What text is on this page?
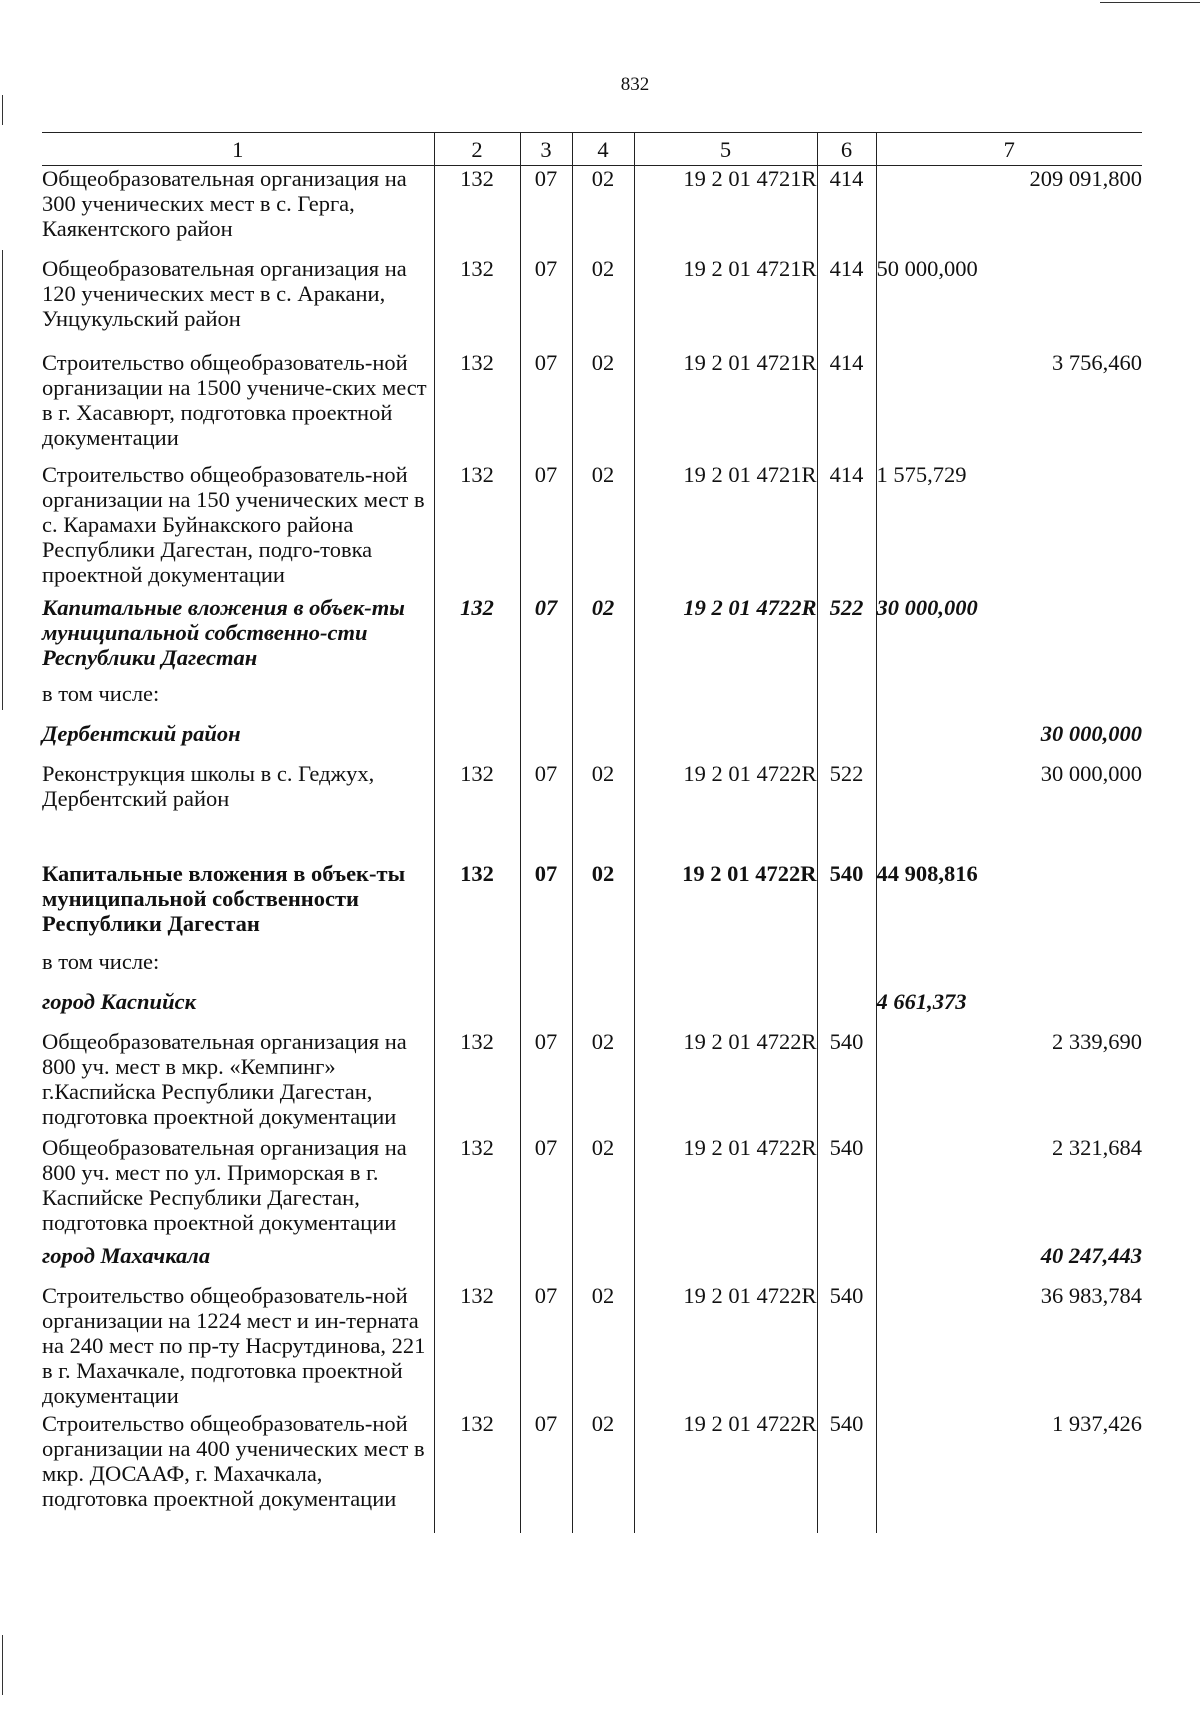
832
1	2	3	4	5	6	7
Общеобразовательная организация на 300 ученических мест в с. Герга, Каякентского район	132	07	02	19 2 01 4721R	414	209 091,800
Общеобразовательная организация на 120 ученических мест в с. Аракани, Унцукульский район	132	07	02	19 2 01 4721R	414	50 000,000
Строительство общеобразователь-ной организации на 1500 учениче-ских мест в г. Хасавюрт, подготовка проектной документации	132	07	02	19 2 01 4721R	414	3 756,460
Строительство общеобразователь-ной организации на 150 ученических мест в с. Карамахи Буйнакского района Республики Дагестан, подго-товка проектной документации	132	07	02	19 2 01 4721R	414	1 575,729
Капитальные вложения в объек-ты муниципальной собственно-сти Республики Дагестан	132	07	02	19 2 01 4722R	522	30 000,000
в том числе:						
Дербентский район						30 000,000
Реконструкция школы в с. Геджух, Дербентский район	132	07	02	19 2 01 4722R	522	30 000,000
Капитальные вложения в объек-ты муниципальной собственности Республики Дагестан	132	07	02	19 2 01 4722R	540	44 908,816
в том числе:						
город Каспийск						4 661,373
Общеобразовательная организация на 800 уч. мест в мкр. «Кемпинг» г.Каспийска Республики Дагестан, подготовка проектной документации	132	07	02	19 2 01 4722R	540	2 339,690
Общеобразовательная организация на 800 уч. мест по ул. Приморская в г. Каспийске Республики Дагестан, подготовка проектной документации	132	07	02	19 2 01 4722R	540	2 321,684
город Махачкала						40 247,443
Строительство общеобразователь-ной организации на 1224 мест и ин-терната на 240 мест по пр-ту Насрутдинова, 221 в г. Махачкале, подготовка проектной документации	132	07	02	19 2 01 4722R	540	36 983,784
Строительство общеобразователь-ной организации на 400 ученических мест в мкр. ДОСААФ, г. Махачкала, подготовка проектной документации	132	07	02	19 2 01 4722R	540	1 937,426
